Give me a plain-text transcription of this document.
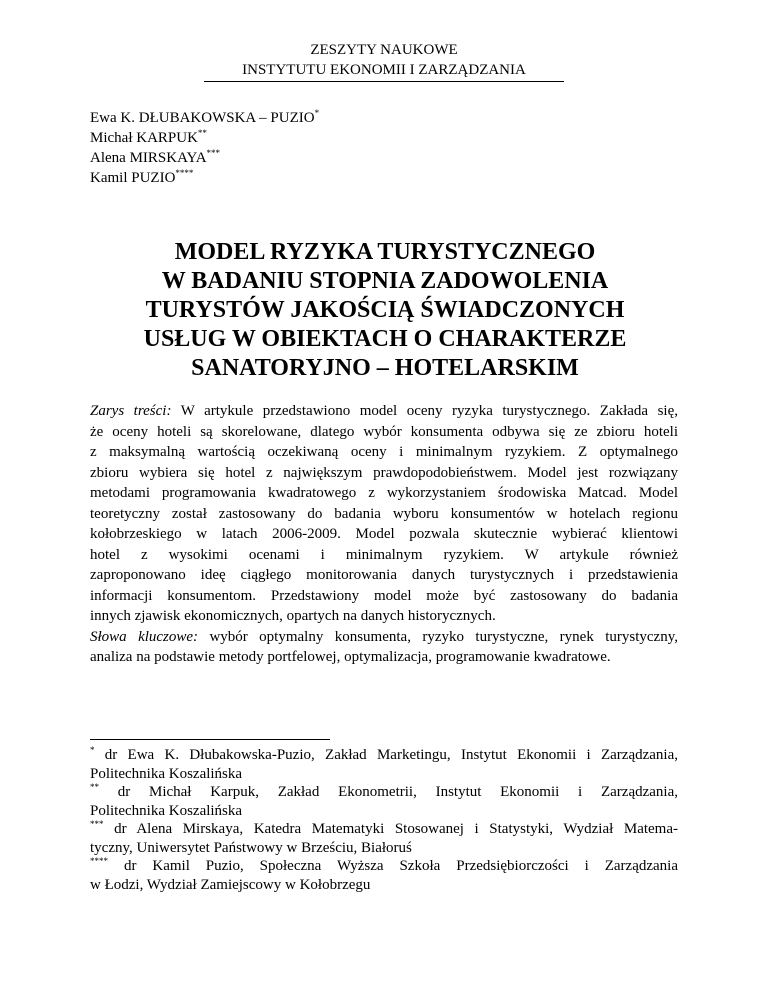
ZESZYTY NAUKOWE
INSTYTUTU EKONOMII I ZARZĄDZANIA
Ewa K. DŁUBAKOWSKA – PUZIO*
Michał KARPUK**
Alena MIRSKAYA***
Kamil PUZIO****
MODEL RYZYKA TURYSTYCZNEGO
W BADANIU STOPNIA ZADOWOLENIA
TURYSTÓW JAKOŚCIĄ ŚWIADCZONYCH
USŁUG W OBIEKTACH O CHARAKTERZE
SANATORYJNO – HOTELARSKIM

Zarys treści: W artykule przedstawiono model oceny ryzyka turystycznego. Zakłada się,
że oceny hoteli są skorelowane, dlatego wybór konsumenta odbywa się ze zbioru hoteli
z maksymalną wartością oczekiwaną oceny i minimalnym ryzykiem. Z optymalnego
zbioru wybiera się hotel z największym prawdopodobieństwem. Model jest rozwiązany
metodami programowania kwadratowego z wykorzystaniem środowiska Matcad. Model
teoretyczny został zastosowany do badania wyboru konsumentów w hotelach regionu
kołobrzeskiego w latach 2006-2009. Model pozwala skutecznie wybierać klientowi
hotel z wysokimi ocenami i minimalnym ryzykiem. W artykule również
zaproponowano ideę ciągłego monitorowania danych turystycznych i przedstawienia
informacji konsumentom. Przedstawiony model może być zastosowany do badania
innych zjawisk ekonomicznych, opartych na danych historycznych.

Słowa kluczowe: wybór optymalny konsumenta, ryzyko turystyczne, rynek turystyczny,
analiza na podstawie metody portfelowej, optymalizacja, programowanie kwadratowe.

* dr Ewa K. Dłubakowska-Puzio, Zakład Marketingu, Instytut Ekonomii i Zarządzania,
Politechnika Koszalińska
** dr Michał Karpuk, Zakład Ekonometrii, Instytut Ekonomii i Zarządzania,
Politechnika Koszalińska
*** dr Alena Mirskaya, Katedra Matematyki Stosowanej i Statystyki, Wydział Matema-
tyczny, Uniwersytet Państwowy w Brześciu, Białoruś
**** dr Kamil Puzio, Społeczna Wyższa Szkoła Przedsiębiorczości i Zarządzania
w Łodzi, Wydział Zamiejscowy w Kołobrzegu
